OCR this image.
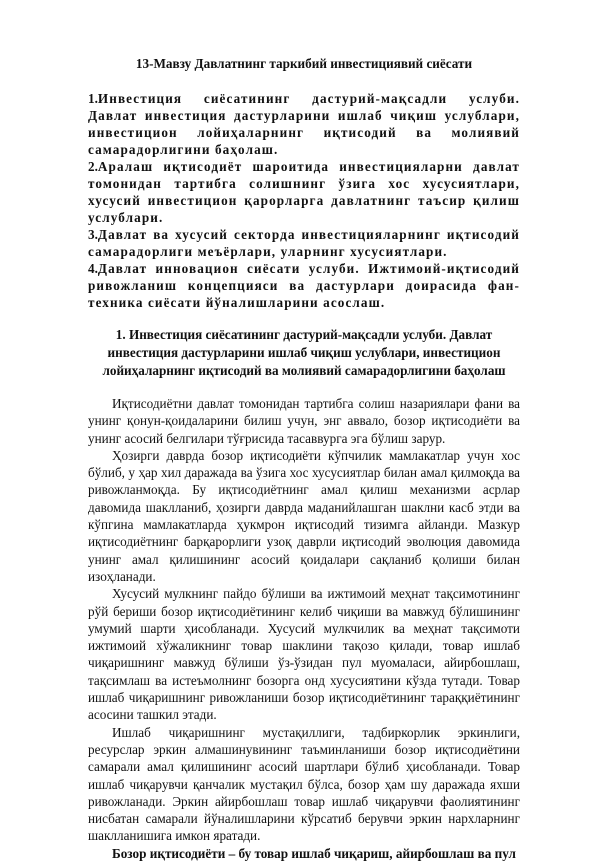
13-Мавзу Давлатнинг таркибий инвестициявий сиёсати
1.Инвестиция сиёсатининг дастурий-мақсадли услуби. Давлат инвестиция дастурларини ишлаб чиқиш услублари, инвестицион лойиҳаларнинг иқтисодий ва молиявий самарадорлигини баҳолаш.
2.Аралаш иқтисодиёт шароитида инвестицияларни давлат томонидан тартибга солишнинг ўзига хос хусусиятлари, хусусий инвестицион қарорларга давлатнинг таъсир қилиш услублари.
3.Давлат ва хусусий секторда инвестицияларнинг иқтисодий самарадорлиги меъёрлари, уларнинг хусусиятлари.
4.Давлат инновацион сиёсати услуби. Ижтимоий-иқтисодий ривожланиш концепцияси ва дастурлари доирасида фан-техника сиёсати йўналишларини асослаш.
1. Инвестиция сиёсатининг дастурий-мақсадли услуби. Давлат инвестиция дастурларини ишлаб чиқиш услублари, инвестицион лойиҳаларнинг иқтисодий ва молиявий самарадорлигини баҳолаш

Иқтисодиётни давлат томонидан тартибга солиш назариялари фани ва унинг қонун-қоидаларини билиш учун, энг аввало, бозор иқтисодиёти ва унинг асосий белгилари тўғрисида тасаввурга эга бўлиш зарур.

Ҳозирги даврда бозор иқтисодиёти кўпчилик мамлакатлар учун хос бўлиб, у ҳар хил даражада ва ўзига хос хусусиятлар билан амал қилмоқда ва ривожланмоқда. Бу иқтисодиётнинг амал қилиш механизми асрлар давомида шаклланиб, ҳозирги даврда маданийлашган шаклни касб этди ва кўпгина мамлакатларда ҳукмрон иқтисодий тизимга айланди. Мазкур иқтисодиётнинг барқарорлиги узоқ даврли иқтисодий эволюция давомида унинг амал қилишининг асосий қоидалари сақланиб қолиши билан изоҳланади.

Хусусий мулкнинг пайдо бўлиши ва ижтимоий меҳнат тақсимотининг рўй бериши бозор иқтисодиётининг келиб чиқиши ва мавжуд бўлишининг умумий шарти ҳисобланади. Хусусий мулкчилик ва меҳнат тақсимоти ижтимоий хўжаликнинг товар шаклини тақозо қилади, товар ишлаб чиқаришнинг мавжуд бўлиши ўз-ўзидан пул муомаласи, айирбошлаш, тақсимлаш ва истеъмолнинг бозорга онд хусусиятини кўзда тутади. Товар ишлаб чиқаришнинг ривожланиши бозор иқтисодиётининг тараққиётининг асосини ташкил этади.

Ишлаб чиқаришнинг мустақиллиги, тадбиркорлик эркинлиги, ресурслар эркин алмашинувининг таъминланиши бозор иқтисодиётини самарали амал қилишининг асосий шартлари бўлиб ҳисобланади. Товар ишлаб чиқарувчи қанчалик мустақил бўлса, бозор ҳам шу даражада яхши ривожланади. Эркин айирбошлаш товар ишлаб чиқарувчи фаолиятининг нисбатан самарали йўналишларини кўрсатиб берувчи эркин нархларнинг шаклланишига имкон яратади.

Бозор иқтисодиёти – бу товар ишлаб чиқариш, айирбошлаш ва пул
